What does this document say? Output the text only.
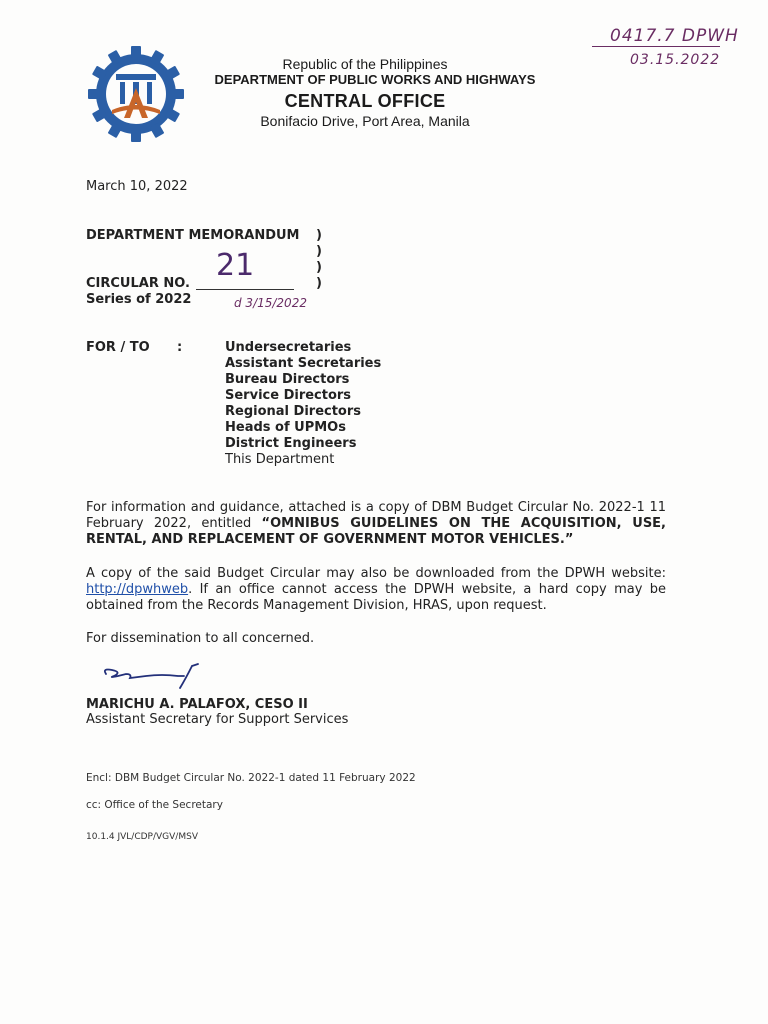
Republic of the Philippines
DEPARTMENT OF PUBLIC WORKS AND HIGHWAYS
CENTRAL OFFICE
Bonifacio Drive, Port Area, Manila
0417.7 DPWH
03.15.2022
March 10, 2022
DEPARTMENT MEMORANDUM )
)
)
)
21
CIRCULAR NO.
Series of 2022	d 3/15/2022
FOR / TO :	Undersecretaries
Assistant Secretaries
Bureau Directors
Service Directors
Regional Directors
Heads of UPMOs
District Engineers
This Department
For information and guidance, attached is a copy of DBM Budget Circular No. 2022-1 11 February 2022, entitled “OMNIBUS GUIDELINES ON THE ACQUISITION, USE, RENTAL, AND REPLACEMENT OF GOVERNMENT MOTOR VEHICLES.”
A copy of the said Budget Circular may also be downloaded from the DPWH website: http://dpwhweb. If an office cannot access the DPWH website, a hard copy may be obtained from the Records Management Division, HRAS, upon request.
For dissemination to all concerned.
MARICHU A. PALAFOX, CESO II
Assistant Secretary for Support Services
Encl: DBM Budget Circular No. 2022-1 dated 11 February 2022
cc: Office of the Secretary
10.1.4 JVL/CDP/VGV/MSV
